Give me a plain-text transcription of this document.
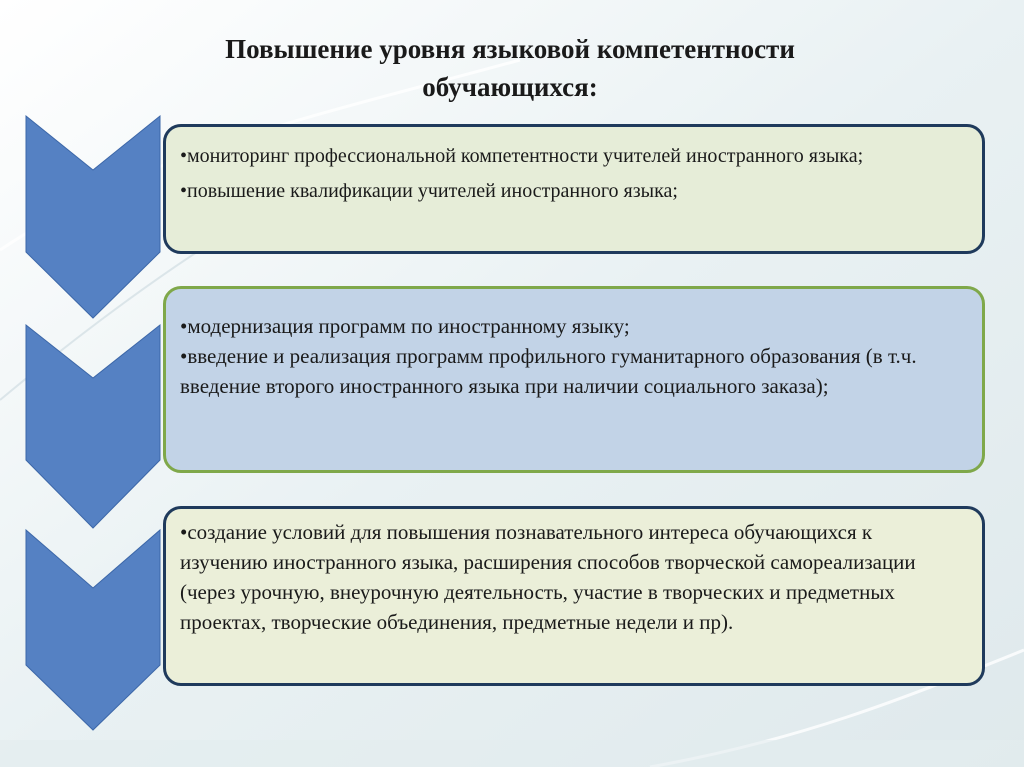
Повышение уровня языковой компетентности обучающихся:

•мониторинг профессиональной компетентности учителей иностранного языка;

•повышение квалификации учителей иностранного языка;

•модернизация программ по иностранному языку;

•введение и реализация программ профильного гуманитарного образования (в т.ч. введение второго иностранного языка при наличии социального заказа);

•создание условий для повышения познавательного интереса обучающихся к изучению иностранного языка, расширения способов творческой самореализации (через урочную, внеурочную деятельность, участие в творческих и предметных проектах, творческие объединения, предметные недели и пр).
